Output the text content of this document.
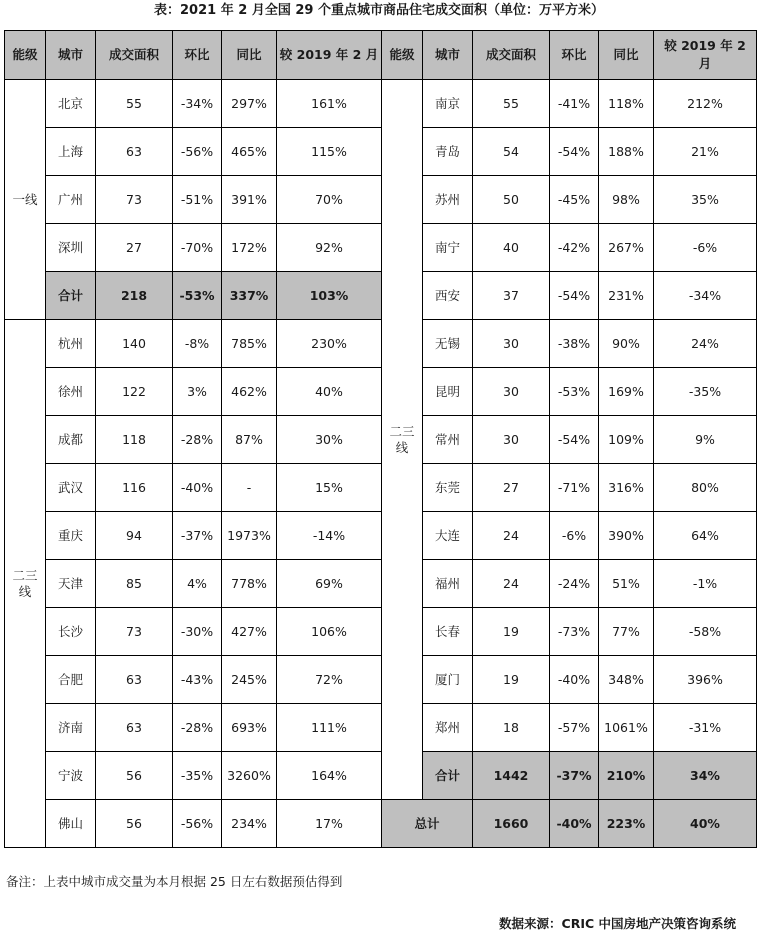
表：2021 年 2 月全国 29 个重点城市商品住宅成交面积（单位：万平方米）
能级	城市	成交面积	环比	同比	较 2019 年 2 月	能级	城市	成交面积	环比	同比	较 2019 年 2 月
一线	北京	55	-34%	297%	161%	二三线	南京	55	-41%	118%	212%
	上海	63	-56%	465%	115%		青岛	54	-54%	188%	21%
	广州	73	-51%	391%	70%		苏州	50	-45%	98%	35%
	深圳	27	-70%	172%	92%		南宁	40	-42%	267%	-6%
	合计	218	-53%	337%	103%		西安	37	-54%	231%	-34%
二三线	杭州	140	-8%	785%	230%		无锡	30	-38%	90%	24%
	徐州	122	3%	462%	40%		昆明	30	-53%	169%	-35%
	成都	118	-28%	87%	30%		常州	30	-54%	109%	9%
	武汉	116	-40%	-	15%		东莞	27	-71%	316%	80%
	重庆	94	-37%	1973%	-14%		大连	24	-6%	390%	64%
	天津	85	4%	778%	69%		福州	24	-24%	51%	-1%
	长沙	73	-30%	427%	106%		长春	19	-73%	77%	-58%
	合肥	63	-43%	245%	72%		厦门	19	-40%	348%	396%
	济南	63	-28%	693%	111%		郑州	18	-57%	1061%	-31%
	宁波	56	-35%	3260%	164%		合计	1442	-37%	210%	34%
	佛山	56	-56%	234%	17%	总计		1660	-40%	223%	40%
备注：上表中城市成交量为本月根据 25 日左右数据预估得到
数据来源：CRIC 中国房地产决策咨询系统
